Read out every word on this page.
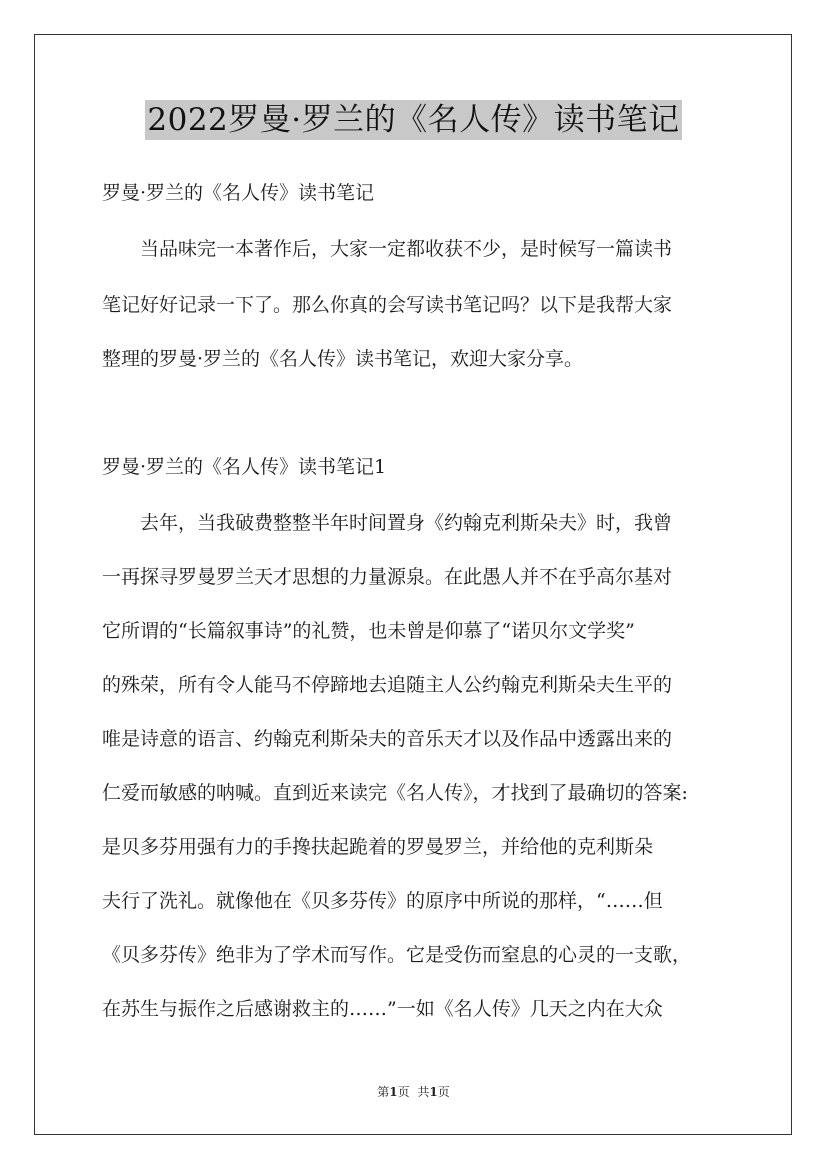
2022罗曼·罗兰的《名人传》读书笔记
罗曼·罗兰的《名人传》读书笔记
当品味完一本著作后，大家一定都收获不少，是时候写一篇读书
笔记好好记录一下了。那么你真的会写读书笔记吗？以下是我帮大家
整理的罗曼·罗兰的《名人传》读书笔记，欢迎大家分享。
罗曼·罗兰的《名人传》读书笔记1
去年，当我破费整整半年时间置身《约翰克利斯朵夫》时，我曾
一再探寻罗曼罗兰天才思想的力量源泉。在此愚人并不在乎高尔基对
它所谓的“长篇叙事诗”的礼赞，也未曾是仰慕了“诺贝尔文学奖”
的殊荣，所有令人能马不停蹄地去追随主人公约翰克利斯朵夫生平的
唯是诗意的语言、约翰克利斯朵夫的音乐天才以及作品中透露出来的
仁爱而敏感的呐喊。直到近来读完《名人传》，才找到了最确切的答案:
是贝多芬用强有力的手搀扶起跪着的罗曼罗兰，并给他的克利斯朵
夫行了洗礼。就像他在《贝多芬传》的原序中所说的那样，“……但
《贝多芬传》绝非为了学术而写作。它是受伤而窒息的心灵的一支歌，
在苏生与振作之后感谢救主的……”一如《名人传》几天之内在大众
第1页 共1页
